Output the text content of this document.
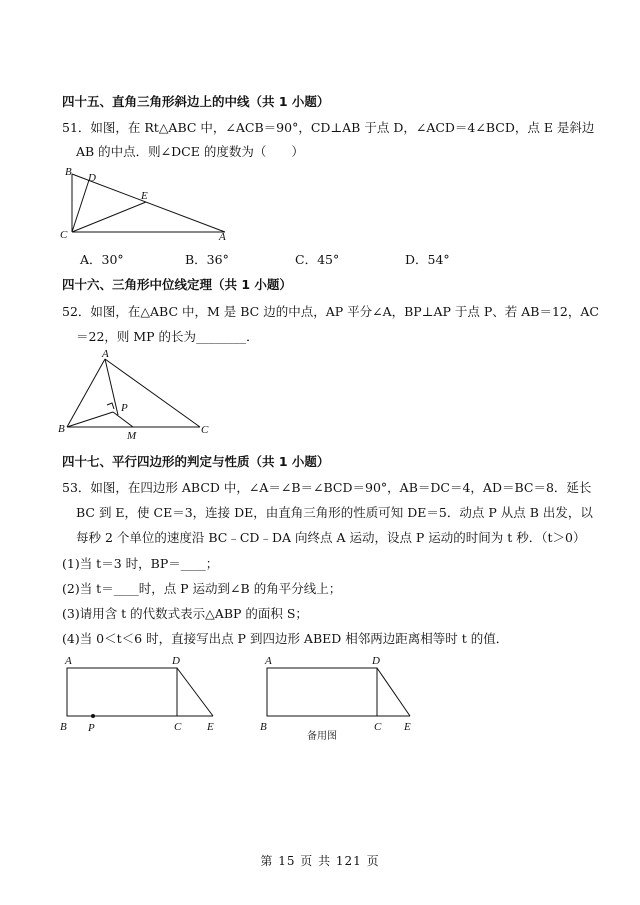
四十五、直角三角形斜边上的中线（共 1 小题）
51．如图，在 Rt△ABC 中，∠ACB＝90°，CD⊥AB 于点 D，∠ACD＝4∠BCD，点 E 是斜边
AB 的中点．则∠DCE 的度数为（　　）
B D
E
C	A
A．30°	B．36°	C．45°	D．54°
四十六、三角形中位线定理（共 1 小题）
52．如图，在△ABC 中，M 是 BC 边的中点，AP 平分∠A，BP⊥AP 于点 P、若 AB＝12，AC
＝22，则 MP 的长为________．
A
P
B
M	C
四十七、平行四边形的判定与性质（共 1 小题）
53．如图，在四边形 ABCD 中，∠A＝∠B＝∠BCD＝90°，AB＝DC＝4，AD＝BC＝8．延长
BC 到 E，使 CE＝3，连接 DE，由直角三角形的性质可知 DE＝5．动点 P 从点 B 出发，以
每秒 2 个单位的速度沿 BC﹣CD﹣DA 向终点 A 运动，设点 P 运动的时间为 t 秒．（t＞0）
(1)当 t＝3 时，BP＝____；
(2)当 t＝____时，点 P 运动到∠B 的角平分线上；
(3)请用含 t 的代数式表示△ABP 的面积 S；
(4)当 0＜t＜6 时，直接写出点 P 到四边形 ABED 相邻两边距离相等时 t 的值．
A	D
B P	C E
A	D
B	C E
备用图
第 15 页 共 121 页
